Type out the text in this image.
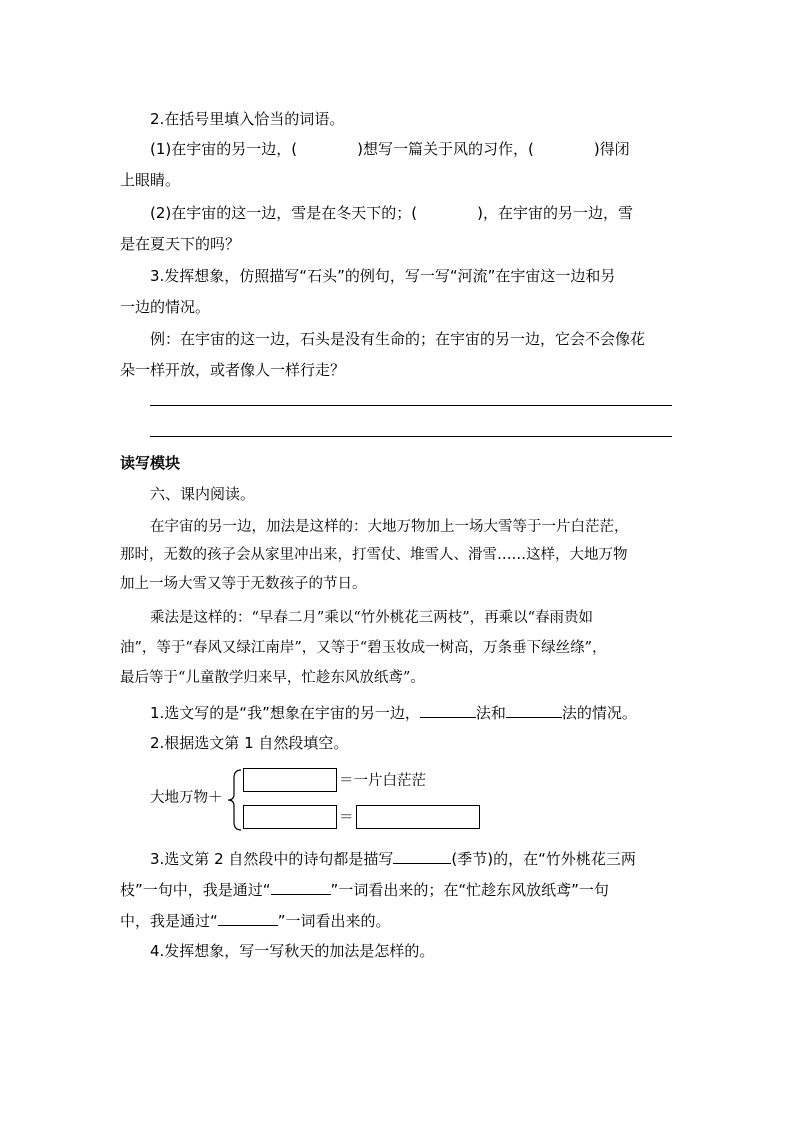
2.在括号里填入恰当的词语。
(1)在宇宙的另一边，(	)想写一篇关于风的习作，(	)得闭
上眼睛。
(2)在宇宙的这一边，雪是在冬天下的；(	)，在宇宙的另一边，雪
是在夏天下的吗？
3.发挥想象，仿照描写“石头”的例句，写一写“河流”在宇宙这一边和另
一边的情况。
例：在宇宙的这一边，石头是没有生命的；在宇宙的另一边，它会不会像花
朵一样开放，或者像人一样行走？
读写模块
六、课内阅读。
在宇宙的另一边，加法是这样的：大地万物加上一场大雪等于一片白茫茫，
那时，无数的孩子会从家里冲出来，打雪仗、堆雪人、滑雪……这样，大地万物
加上一场大雪又等于无数孩子的节日。
乘法是这样的：“早春二月”乘以“竹外桃花三两枝”，再乘以“春雨贵如
油”，等于“春风又绿江南岸”，又等于“碧玉妆成一树高，万条垂下绿丝绦”，
最后等于“儿童散学归来早，忙趁东风放纸鸢”。
1.选文写的是“我”想象在宇宙的另一边，	法和	法的情况。
2.根据选文第 1 自然段填空。
大地万物＋
＝一片白茫茫
＝
3.选文第 2 自然段中的诗句都是描写	(季节)的，在“竹外桃花三两
枝”一句中，我是通过“	”一词看出来的；在“忙趁东风放纸鸢”一句
中，我是通过“	”一词看出来的。
4.发挥想象，写一写秋天的加法是怎样的。
